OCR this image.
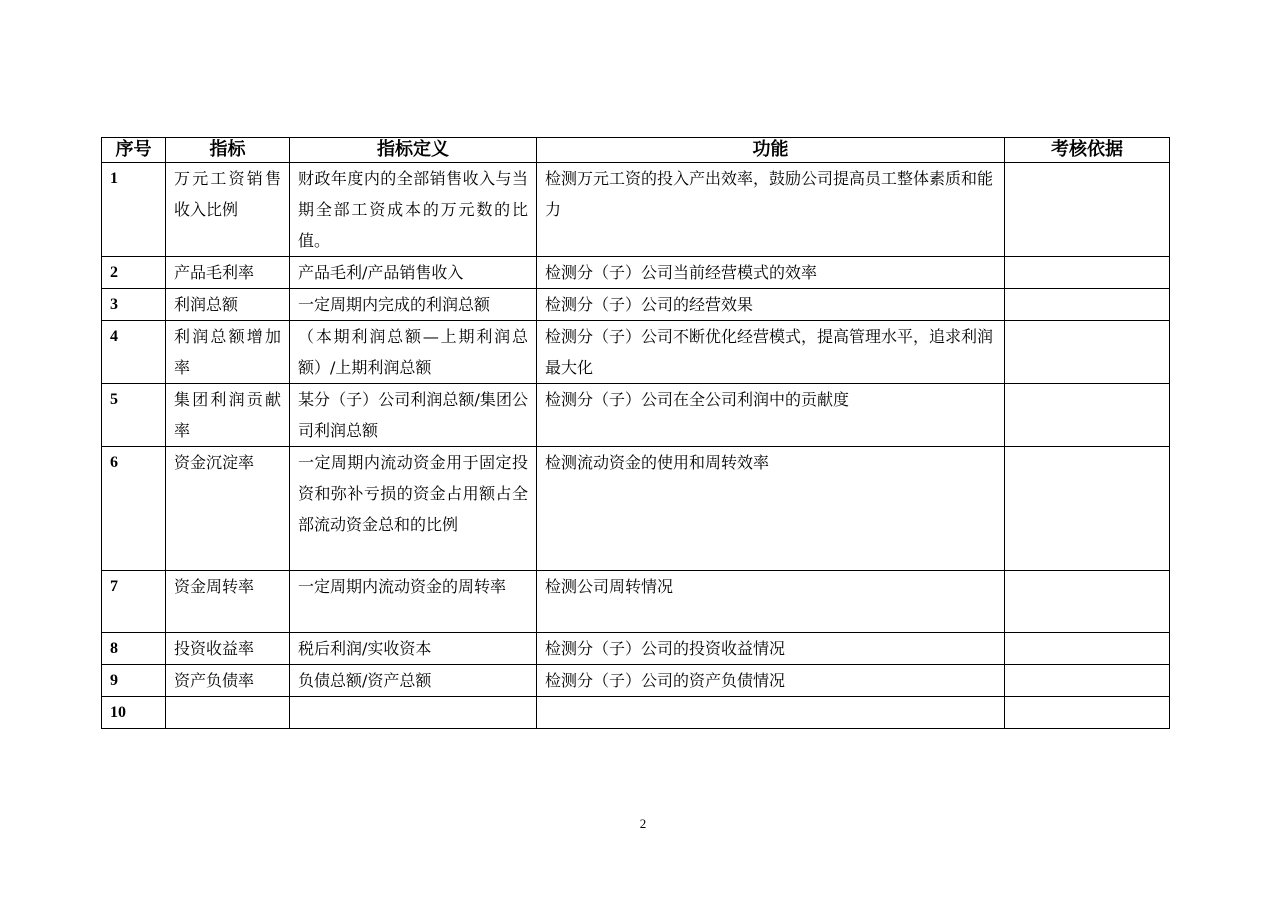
序号	指标	指标定义	功能	考核依据
1	万元工资销售收入比例	财政年度内的全部销售收入与当期全部工资成本的万元数的比值。	检测万元工资的投入产出效率，鼓励公司提高员工整体素质和能力	
2	产品毛利率	产品毛利/产品销售收入	检测分（子）公司当前经营模式的效率	
3	利润总额	一定周期内完成的利润总额	检测分（子）公司的经营效果	
4	利润总额增加率	（本期利润总额—上期利润总额）/上期利润总额	检测分（子）公司不断优化经营模式，提高管理水平，追求利润最大化	
5	集团利润贡献率	某分（子）公司利润总额/集团公司利润总额	检测分（子）公司在全公司利润中的贡献度	
6	资金沉淀率	一定周期内流动资金用于固定投资和弥补亏损的资金占用额占全部流动资金总和的比例	检测流动资金的使用和周转效率	
7	资金周转率	一定周期内流动资金的周转率	检测公司周转情况	
8	投资收益率	税后利润/实收资本	检测分（子）公司的投资收益情况	
9	资产负债率	负债总额/资产总额	检测分（子）公司的资产负债情况	
10				
2
